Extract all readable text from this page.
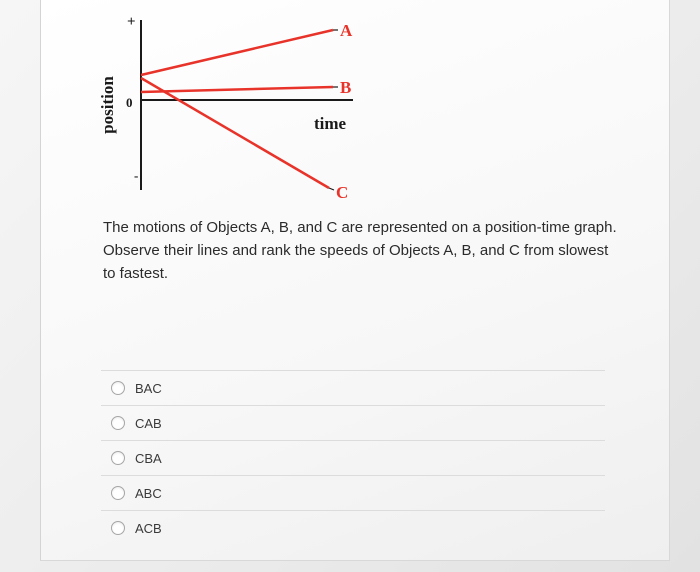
+
0
-
position	time
A
B
C

The motions of Objects A, B, and C are represented on a position-time graph. Observe their lines and rank the speeds of Objects A, B, and C from slowest to fastest.

BAC
CAB
CBA
ABC
ACB
